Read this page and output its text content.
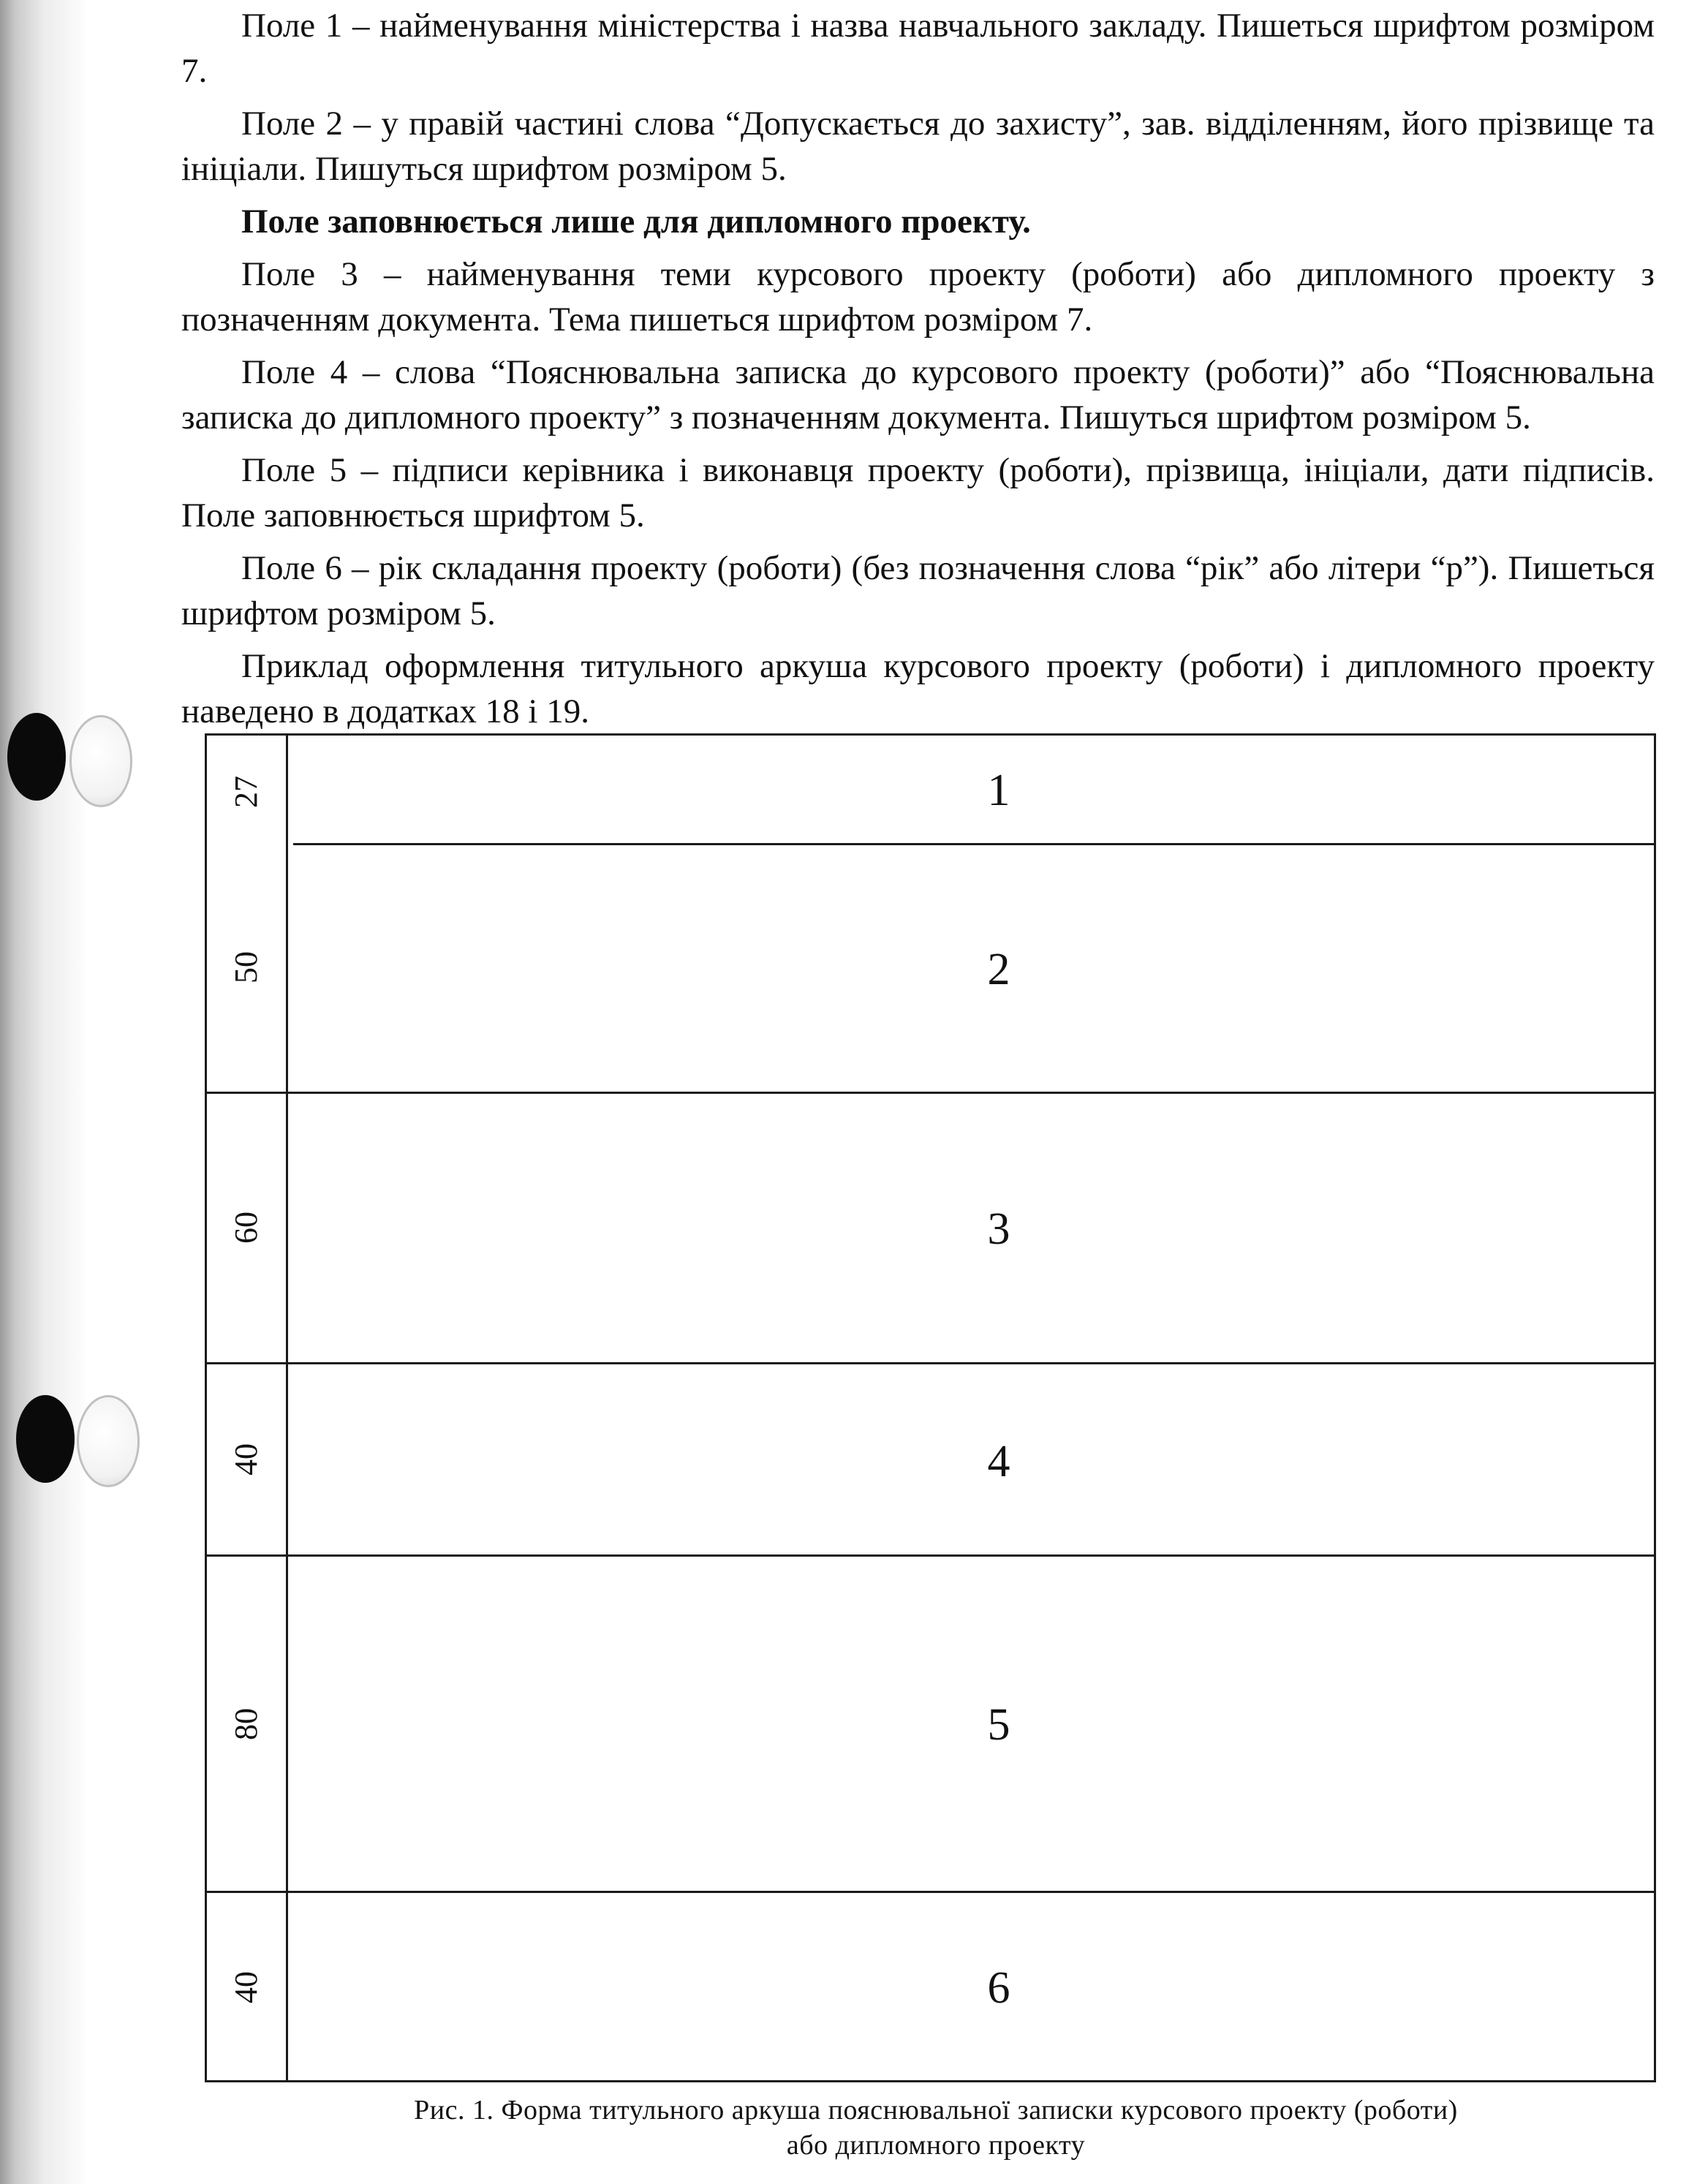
Поле 1 – найменування міністерства і назва навчального закладу. Пишеться шрифтом розміром 7.

Поле 2 – у правій частині слова “Допускається до захисту”, зав. відділенням, його прізвище та ініціали. Пишуться шрифтом розміром 5.

Поле заповнюється лише для дипломного проекту.

Поле 3 – найменування теми курсового проекту (роботи) або дипломного проекту з позначенням документа. Тема пишеться шрифтом розміром 7.

Поле 4 – слова “Пояснювальна записка до курсового проекту (роботи)” або “Пояснювальна записка до дипломного проекту” з позначенням документа. Пишуться шрифтом розміром 5.

Поле 5 – підписи керівника і виконавця проекту (роботи), прізвища, ініціали, дати підписів. Поле заповнюється шрифтом 5.

Поле 6 – рік складання проекту (роботи) (без позначення слова “рік” або літери “р”). Пишеться шрифтом розміром 5.

Приклад оформлення титульного аркуша курсового проекту (роботи) і дипломного проекту наведено в додатках 18 і 19.

27
50
60
40
80
40
1
2
3
4
5
6
Рис. 1. Форма титульного аркуша пояснювальної записки курсового проекту (роботи)
або дипломного проекту
